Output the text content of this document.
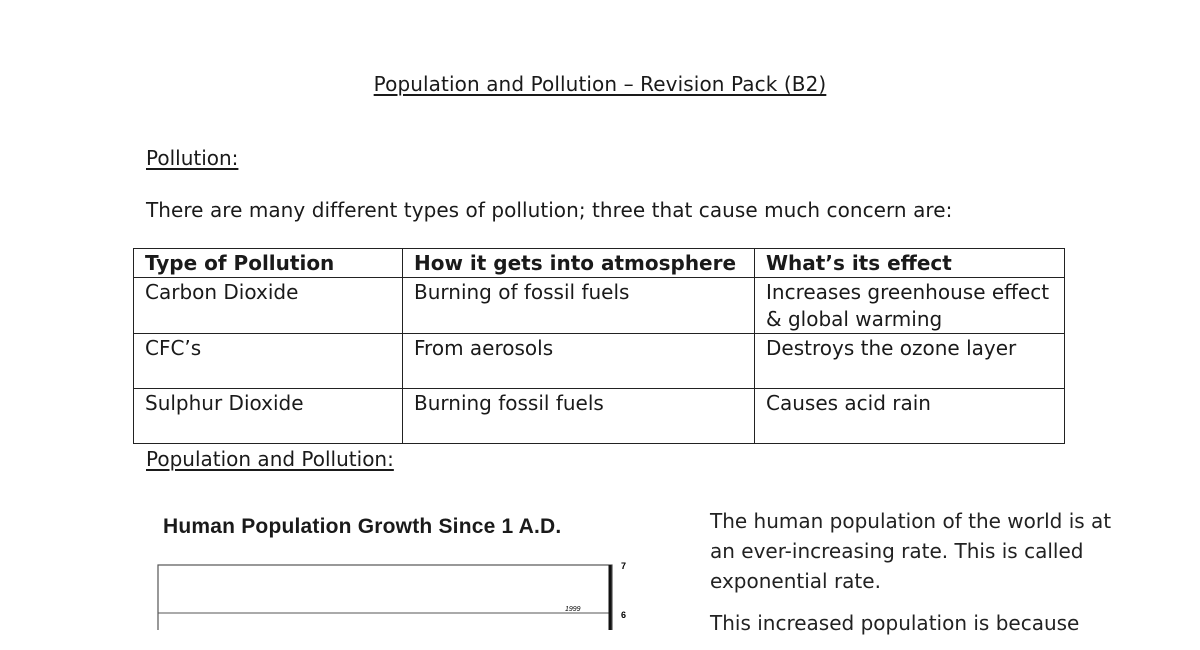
Population and Pollution – Revision Pack (B2)
Pollution:
There are many different types of pollution; three that cause much concern are:
Type of Pollution	How it gets into atmosphere	What’s its effect
Carbon Dioxide	Burning of fossil fuels	Increases greenhouse effect & global warming
CFC’s	From aerosols	Destroys the ozone layer
Sulphur Dioxide	Burning fossil fuels	Causes acid rain
Population and Pollution:
Human Population Growth Since 1 A.D.
7
6
1999

The human population of the world is at an ever-increasing rate. This is called exponential rate.

This increased population is because
